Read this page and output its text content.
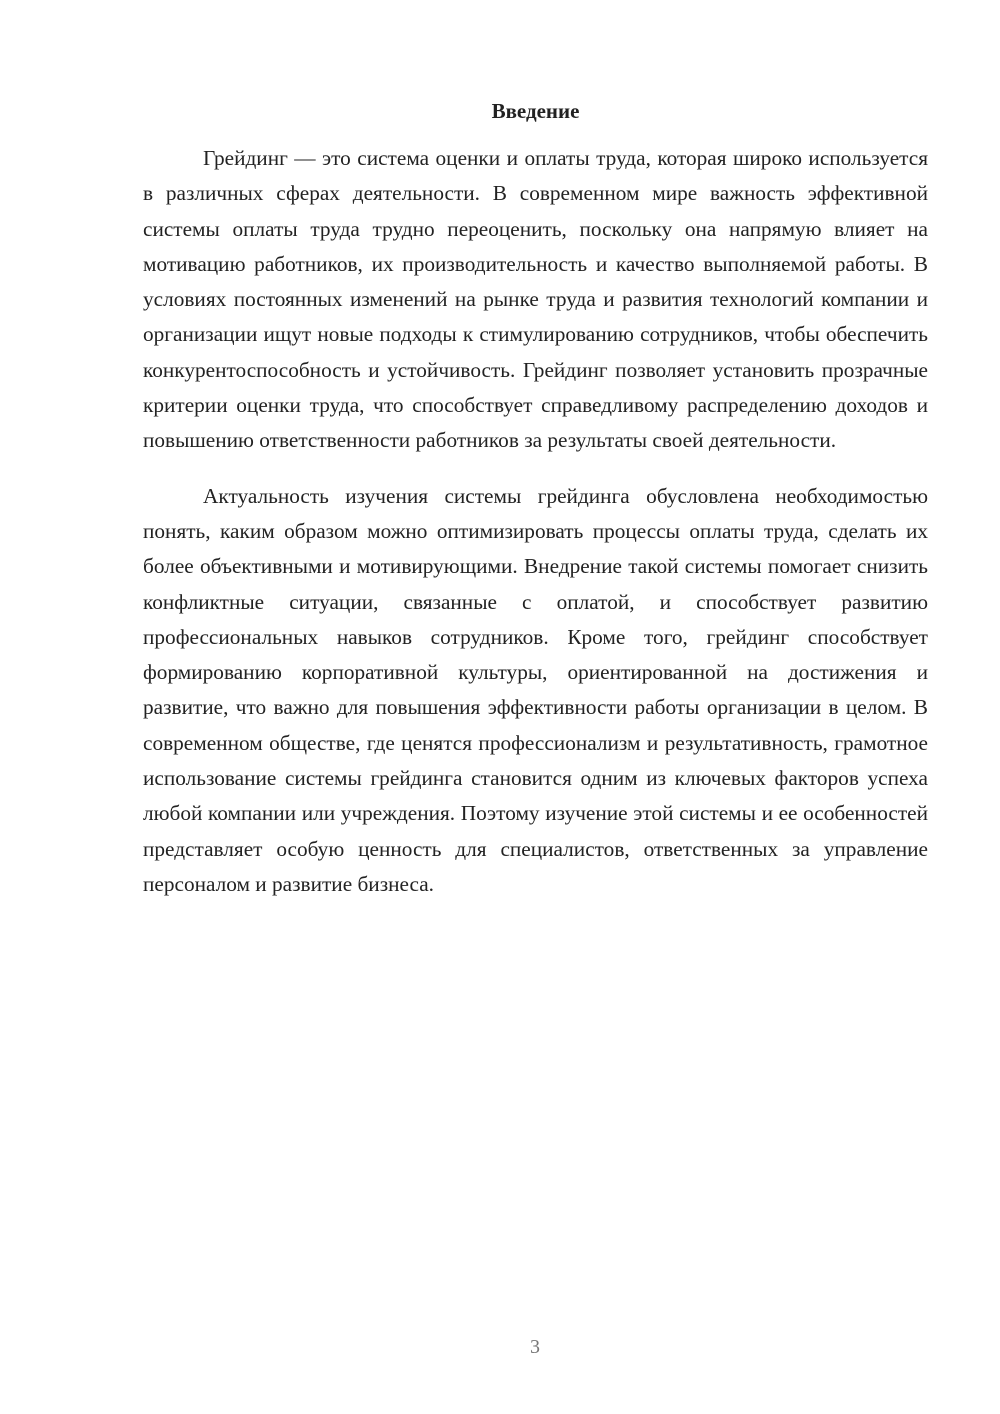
Введение

Грейдинг — это система оценки и оплаты труда, которая широко используется в различных сферах деятельности. В современном мире важность эффективной системы оплаты труда трудно переоценить, поскольку она напрямую влияет на мотивацию работников, их производительность и качество выполняемой работы. В условиях постоянных изменений на рынке труда и развития технологий компании и организации ищут новые подходы к стимулированию сотрудников, чтобы обеспечить конкурентоспособность и устойчивость. Грейдинг позволяет установить прозрачные критерии оценки труда, что способствует справедливому распределению доходов и повышению ответственности работников за результаты своей деятельности.

Актуальность изучения системы грейдинга обусловлена необходимостью понять, каким образом можно оптимизировать процессы оплаты труда, сделать их более объективными и мотивирующими. Внедрение такой системы помогает снизить конфликтные ситуации, связанные с оплатой, и способствует развитию профессиональных навыков сотрудников. Кроме того, грейдинг способствует формированию корпоративной культуры, ориентированной на достижения и развитие, что важно для повышения эффективности работы организации в целом. В современном обществе, где ценятся профессионализм и результативность, грамотное использование системы грейдинга становится одним из ключевых факторов успеха любой компании или учреждения. Поэтому изучение этой системы и ее особенностей представляет особую ценность для специалистов, ответственных за управление персоналом и развитие бизнеса.

3
